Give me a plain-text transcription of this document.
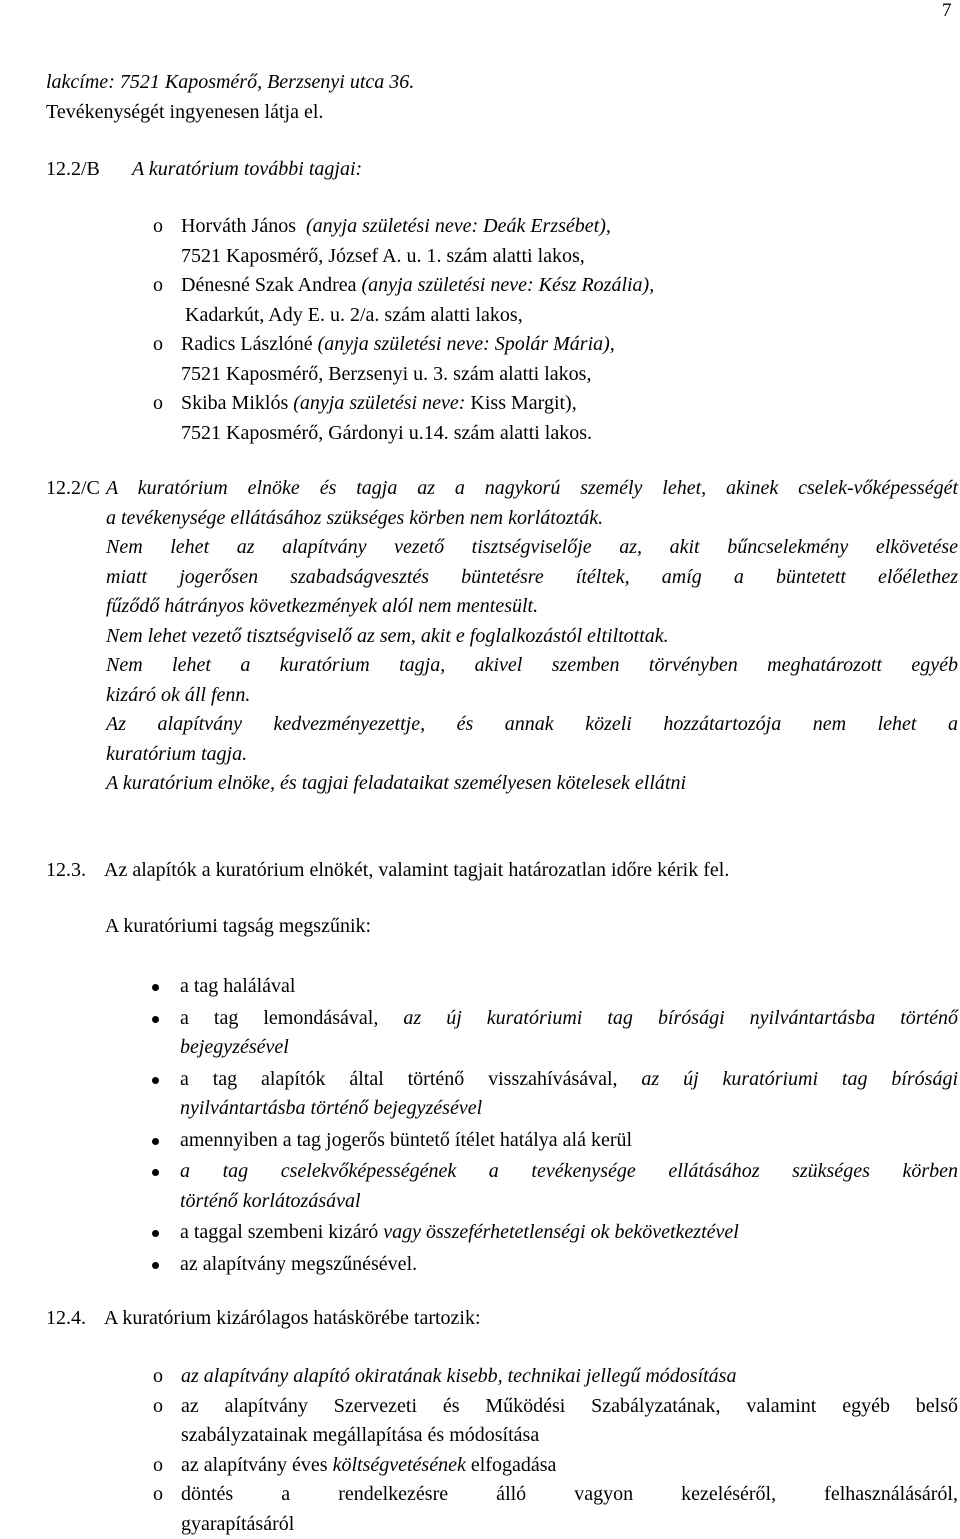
7
lakcíme: 7521 Kaposmérő, Berzsenyi utca 36.
Tevékenységét ingyenesen látja el.
12.2/B A kuratórium további tagjai:
o Horváth János (anyja születési neve: Deák Erzsébet),
7521 Kaposmérő, József A. u. 1. szám alatti lakos,
o Dénesné Szak Andrea (anyja születési neve: Kész Rozália),
Kadarkút, Ady E. u. 2/a. szám alatti lakos,
o Radics Lászlóné (anyja születési neve: Spolár Mária),
7521 Kaposmérő, Berzsenyi u. 3. szám alatti lakos,
o Skiba Miklós (anyja születési neve: Kiss Margit),
7521 Kaposmérő, Gárdonyi u.14. szám alatti lakos.
12.2/C A kuratórium elnöke és tagja az a nagykorú személy lehet, akinek cselek-vőképességét
a tevékenysége ellátásához szükséges körben nem korlátozták.
Nem lehet az alapítvány vezető tisztségviselője az, akit bűncselekmény elkövetése
miatt jogerősen szabadságvesztés büntetésre ítéltek, amíg a büntetett előélethez
fűződő hátrányos következmények alól nem mentesült.
Nem lehet vezető tisztségviselő az sem, akit e foglalkozástól eltiltottak.
Nem lehet a kuratórium tagja, akivel szemben törvényben meghatározott egyéb
kizáró ok áll fenn.
Az alapítvány kedvezményezettje, és annak közeli hozzátartozója nem lehet a
kuratórium tagja.
A kuratórium elnöke, és tagjai feladataikat személyesen kötelesek ellátni
12.3. Az alapítók a kuratórium elnökét, valamint tagjait határozatlan időre kérik fel.
A kuratóriumi tagság megszűnik:
a tag halálával
a tag lemondásával, az új kuratóriumi tag bírósági nyilvántartásba történő
bejegyzésével
a tag alapítók által történő visszahívásával, az új kuratóriumi tag bírósági
nyilvántartásba történő bejegyzésével
amennyiben a tag jogerős büntető ítélet hatálya alá kerül
a tag cselekvőképességének a tevékenysége ellátásához szükséges körben
történő korlátozásával
a taggal szembeni kizáró vagy összeférhetetlenségi ok bekövetkeztével
az alapítvány megszűnésével.
12.4. A kuratórium kizárólagos hatáskörébe tartozik:
o az alapítvány alapító okiratának kisebb, technikai jellegű módosítása
o az alapítvány Szervezeti és Működési Szabályzatának, valamint egyéb belső
szabályzatainak megállapítása és módosítása
o az alapítvány éves költségvetésének elfogadása
o döntés a rendelkezésre álló vagyon kezeléséről, felhasználásáról,
gyarapításáról
